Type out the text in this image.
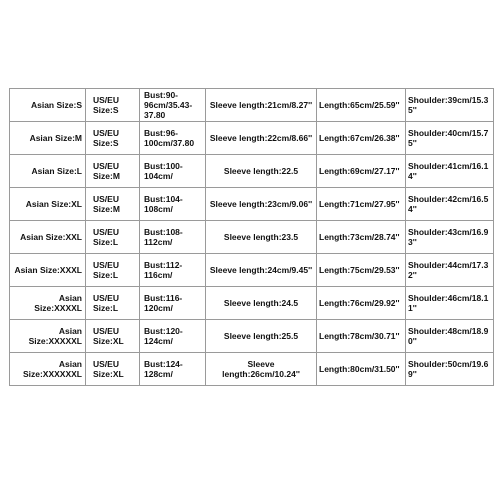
Asian Size:S	US/EU Size:S	Bust:90-96cm/35.43-37.80	Sleeve length:21cm/8.27''	Length:65cm/25.59''	Shoulder:39cm/15.35''
Asian Size:M	US/EU Size:S	Bust:96-100cm/37.80	Sleeve length:22cm/8.66''	Length:67cm/26.38''	Shoulder:40cm/15.75''
Asian Size:L	US/EU Size:M	Bust:100-104cm/	Sleeve length:22.5	Length:69cm/27.17''	Shoulder:41cm/16.14''
Asian Size:XL	US/EU Size:M	Bust:104-108cm/	Sleeve length:23cm/9.06''	Length:71cm/27.95''	Shoulder:42cm/16.54''
Asian Size:XXL	US/EU Size:L	Bust:108-112cm/	Sleeve length:23.5	Length:73cm/28.74''	Shoulder:43cm/16.93''
Asian Size:XXXL	US/EU Size:L	Bust:112-116cm/	Sleeve length:24cm/9.45''	Length:75cm/29.53''	Shoulder:44cm/17.32''
Asian Size:XXXXL	US/EU Size:L	Bust:116-120cm/	Sleeve length:24.5	Length:76cm/29.92''	Shoulder:46cm/18.11''
Asian Size:XXXXXL	US/EU Size:XL	Bust:120-124cm/	Sleeve length:25.5	Length:78cm/30.71''	Shoulder:48cm/18.90''
Asian Size:XXXXXXL	US/EU Size:XL	Bust:124-128cm/	Sleeve length:26cm/10.24''	Length:80cm/31.50''	Shoulder:50cm/19.69''
